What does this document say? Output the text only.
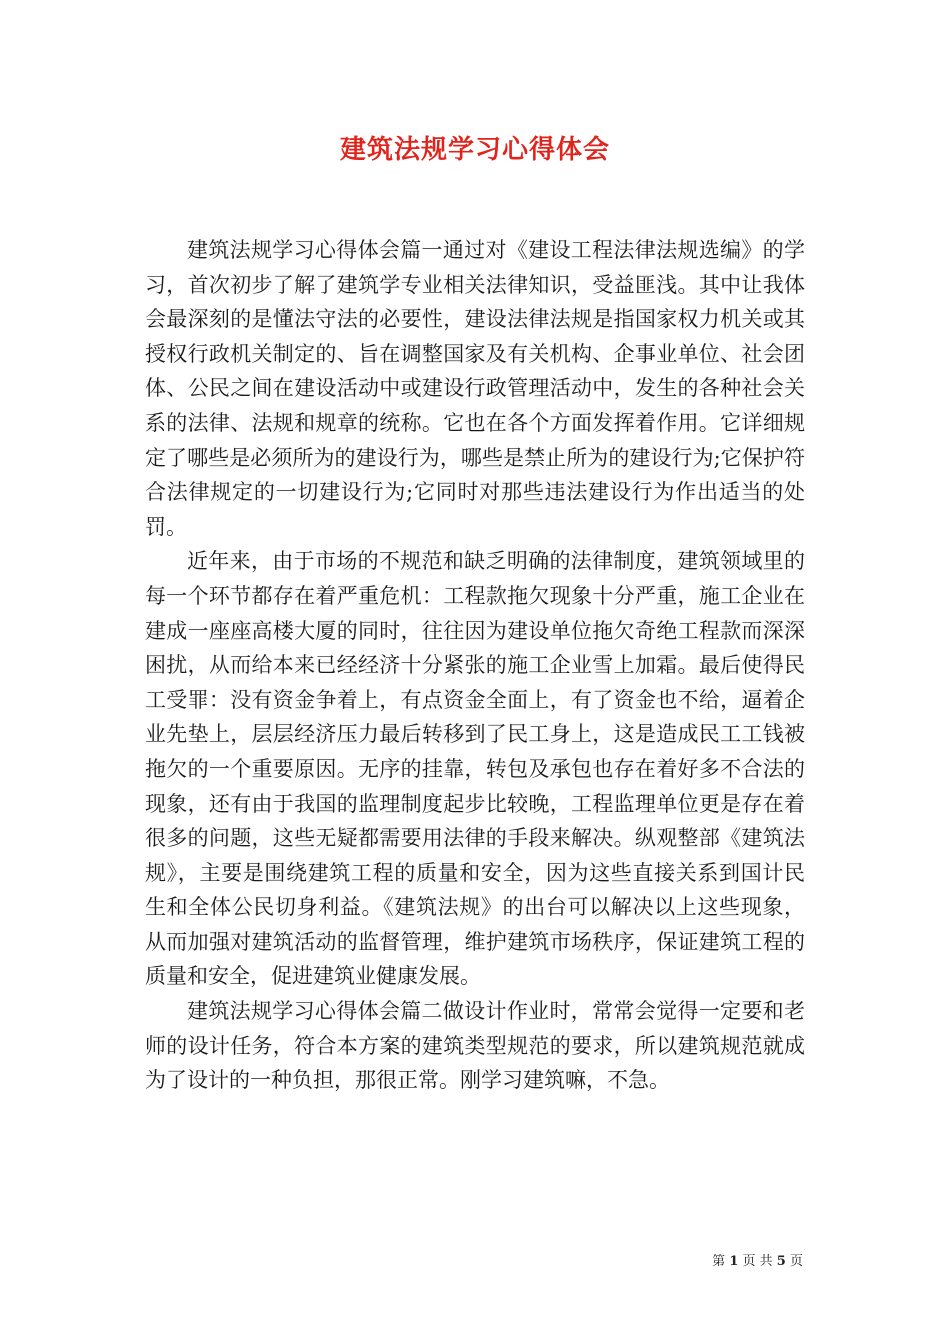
建筑法规学习心得体会

建筑法规学习心得体会篇一通过对《建设工程法律法规选编》的学习，首次初步了解了建筑学专业相关法律知识，受益匪浅。其中让我体会最深刻的是懂法守法的必要性，建设法律法规是指国家权力机关或其授权行政机关制定的、旨在调整国家及有关机构、企事业单位、社会团体、公民之间在建设活动中或建设行政管理活动中，发生的各种社会关系的法律、法规和规章的统称。它也在各个方面发挥着作用。它详细规定了哪些是必须所为的建设行为，哪些是禁止所为的建设行为;它保护符合法律规定的一切建设行为;它同时对那些违法建设行为作出适当的处罚。

近年来，由于市场的不规范和缺乏明确的法律制度，建筑领域里的每一个环节都存在着严重危机：工程款拖欠现象十分严重，施工企业在建成一座座高楼大厦的同时，往往因为建设单位拖欠奇绝工程款而深深困扰，从而给本来已经经济十分紧张的施工企业雪上加霜。最后使得民工受罪：没有资金争着上，有点资金全面上，有了资金也不给，逼着企业先垫上，层层经济压力最后转移到了民工身上，这是造成民工工钱被拖欠的一个重要原因。无序的挂靠，转包及承包也存在着好多不合法的现象，还有由于我国的监理制度起步比较晚，工程监理单位更是存在着很多的问题，这些无疑都需要用法律的手段来解决。纵观整部《建筑法规》，主要是围绕建筑工程的质量和安全，因为这些直接关系到国计民生和全体公民切身利益。《建筑法规》的出台可以解决以上这些现象，从而加强对建筑活动的监督管理，维护建筑市场秩序，保证建筑工程的质量和安全，促进建筑业健康发展。

建筑法规学习心得体会篇二做设计作业时，常常会觉得一定要和老师的设计任务，符合本方案的建筑类型规范的要求，所以建筑规范就成为了设计的一种负担，那很正常。刚学习建筑嘛，不急。

第 1 页 共 5 页
